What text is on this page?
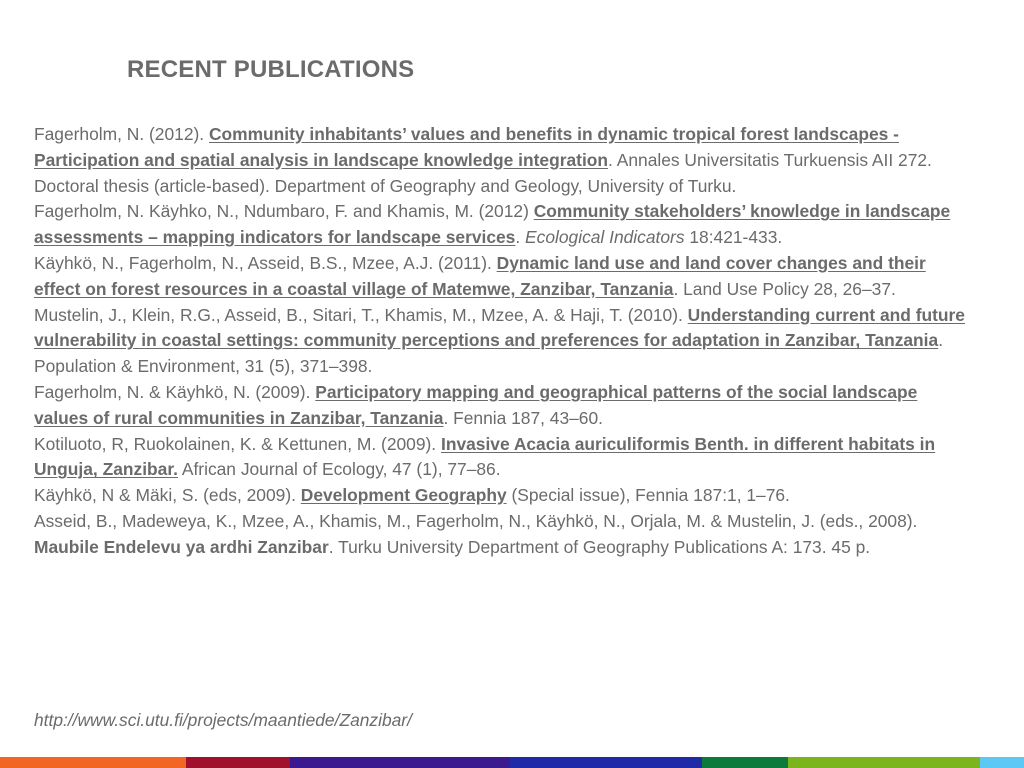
RECENT PUBLICATIONS

Fagerholm, N. (2012). Community inhabitants’ values and benefits in dynamic tropical forest landscapes - Participation and spatial analysis in landscape knowledge integration. Annales Universitatis Turkuensis AII 272. Doctoral thesis (article-based). Department of Geography and Geology, University of Turku.

Fagerholm, N. Käyhko, N., Ndumbaro, F. and Khamis, M. (2012) Community stakeholders’ knowledge in landscape assessments – mapping indicators for landscape services. Ecological Indicators 18:421-433.

Käyhkö, N., Fagerholm, N., Asseid, B.S., Mzee, A.J. (2011). Dynamic land use and land cover changes and their effect on forest resources in a coastal village of Matemwe, Zanzibar, Tanzania. Land Use Policy 28, 26–37.

Mustelin, J., Klein, R.G., Asseid, B., Sitari, T., Khamis, M., Mzee, A. & Haji, T. (2010). Understanding current and future vulnerability in coastal settings: community perceptions and preferences for adaptation in Zanzibar, Tanzania. Population & Environment, 31 (5), 371–398.

Fagerholm, N. & Käyhkö, N. (2009). Participatory mapping and geographical patterns of the social landscape values of rural communities in Zanzibar, Tanzania. Fennia 187, 43–60.

Kotiluoto, R, Ruokolainen, K. & Kettunen, M. (2009). Invasive Acacia auriculiformis Benth. in different habitats in Unguja, Zanzibar. African Journal of Ecology, 47 (1), 77–86.

Käyhkö, N & Mäki, S. (eds, 2009). Development Geography (Special issue), Fennia 187:1, 1–76.

Asseid, B., Madeweya, K., Mzee, A., Khamis, M., Fagerholm, N., Käyhkö, N., Orjala, M. & Mustelin, J. (eds., 2008). Maubile Endelevu ya ardhi Zanzibar. Turku University Department of Geography Publications A: 173. 45 p.

http://www.sci.utu.fi/projects/maantiede/Zanzibar/
